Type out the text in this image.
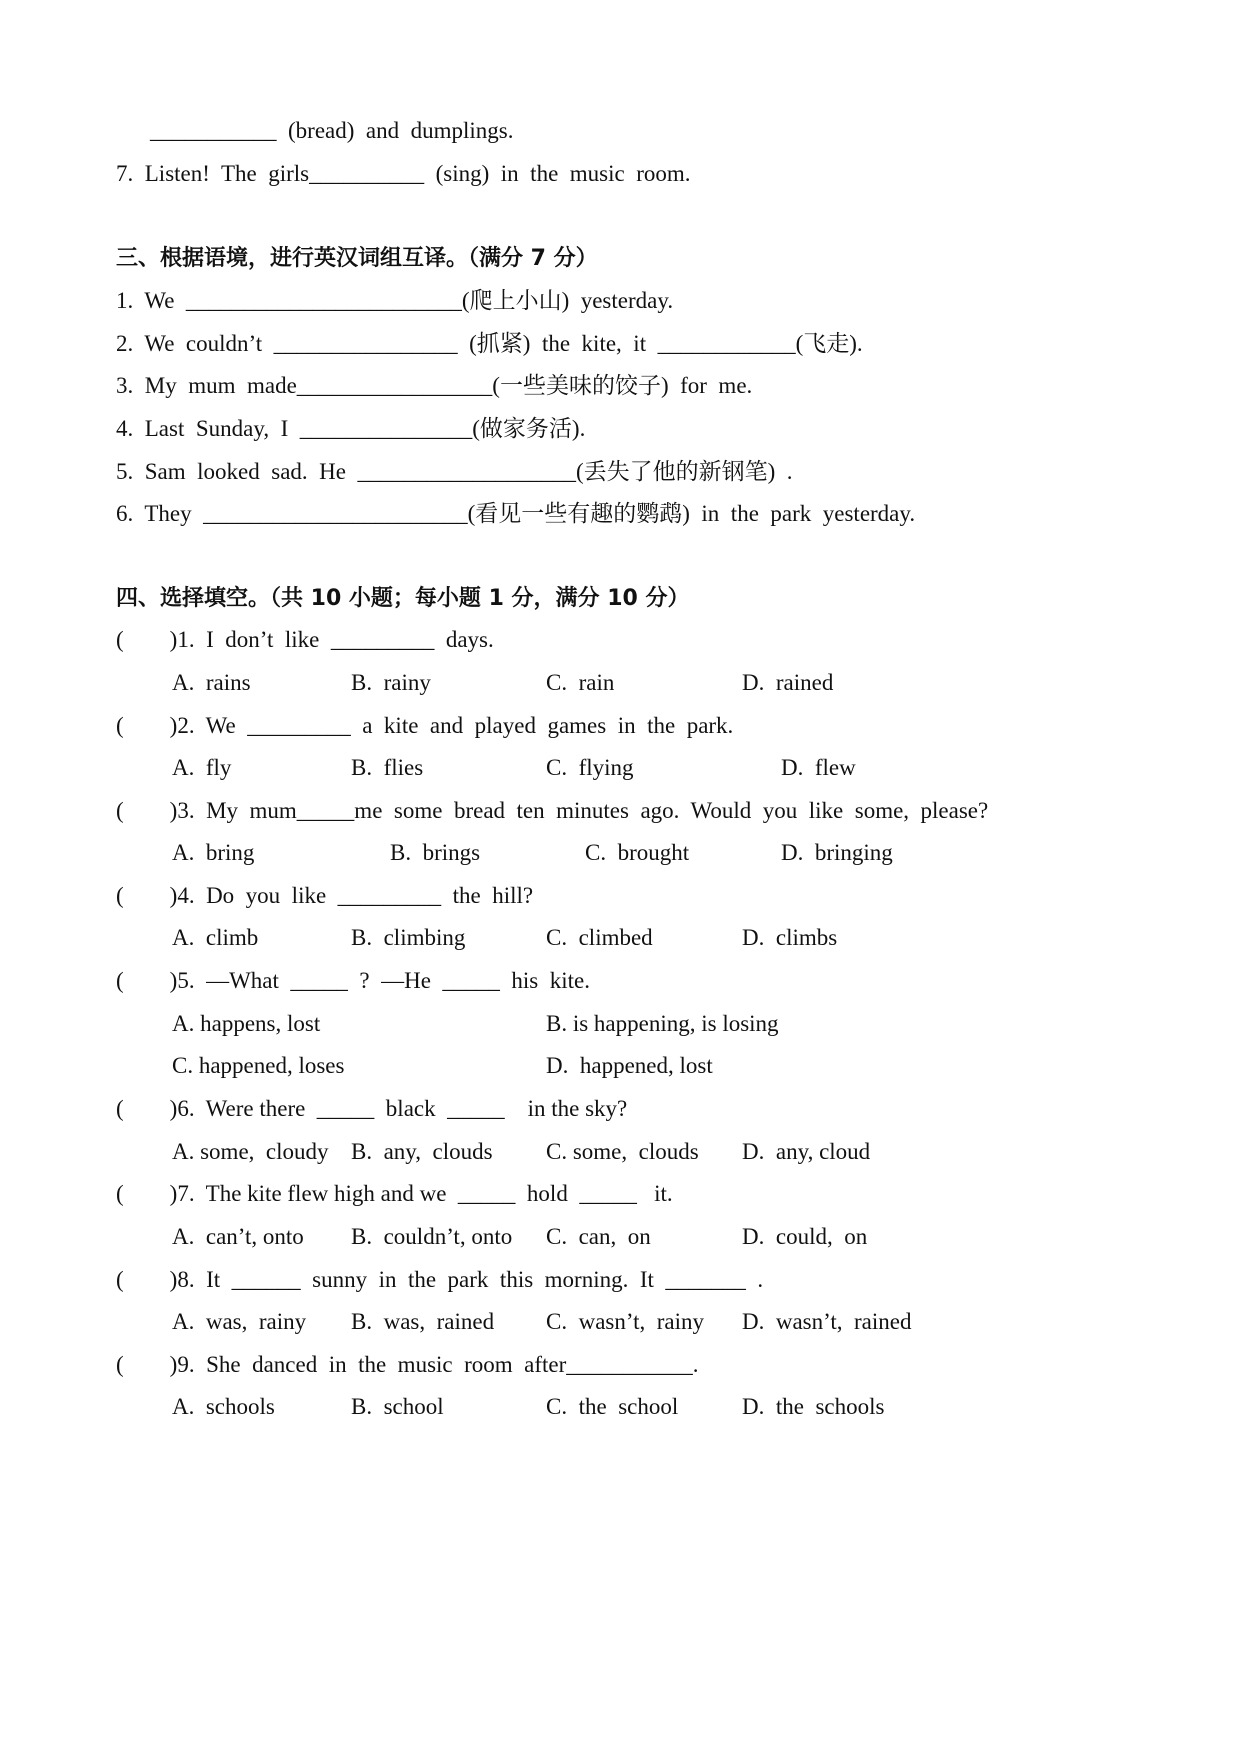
___________  (bread)  and  dumplings.
7.  Listen!  The  girls__________  (sing)  in  the  music  room.
三、根据语境，进行英汉词组互译。（满分 7 分）
1.  We  ________________________(爬上小山)  yesterday.
2.  We  couldn’t  ________________  (抓紧)  the  kite,  it  ____________(飞走).
3.  My  mum  made_________________(一些美味的饺子)  for  me.
4.  Last  Sunday,  I  _______________(做家务活).
5.  Sam  looked  sad.  He  ___________________(丢失了他的新钢笔)  .
6.  They  _______________________(看见一些有趣的鹦鹉)  in  the  park  yesterday.
四、选择填空。（共 10 小题；每小题 1 分，满分 10 分）
(        )1.  I  don’t  like  _________  days.
A.  rains	B.  rainy	C.  rain	D.  rained
(        )2.  We  _________  a  kite  and  played  games  in  the  park.
A.  fly	B.  flies	C.  flying	D.  flew
(        )3.  My  mum_____me  some  bread  ten  minutes  ago.  Would  you  like  some,  please?
A.  bring	B.  brings	C.  brought	D.  bringing
(        )4.  Do  you  like  _________  the  hill?
A.  climb	B.  climbing	C.  climbed	D.  climbs
(        )5.  —What  _____  ?  —He  _____  his  kite.
A. happens, lost	B. is happening, is losing
C. happened, loses	D.  happened, lost
(        )6.  Were there  _____  black  _____    in the sky?
A. some,  cloudy B.  any,  clouds C. some,  clouds D.  any, cloud
(        )7.  The kite flew high and we  _____  hold  _____   it.
A.  can’t, onto B.  couldn’t, onto C.  can,  on	D.  could,  on
(        )8.  It  ______  sunny  in  the  park  this  morning.  It  _______  .
A.  was,  rainy B.  was,  rained C.  wasn’t,  rainy D.  wasn’t,  rained
(        )9.  She  danced  in  the  music  room  after___________.
A.  schools	B.  school	C.  the  school	D.  the  schools
